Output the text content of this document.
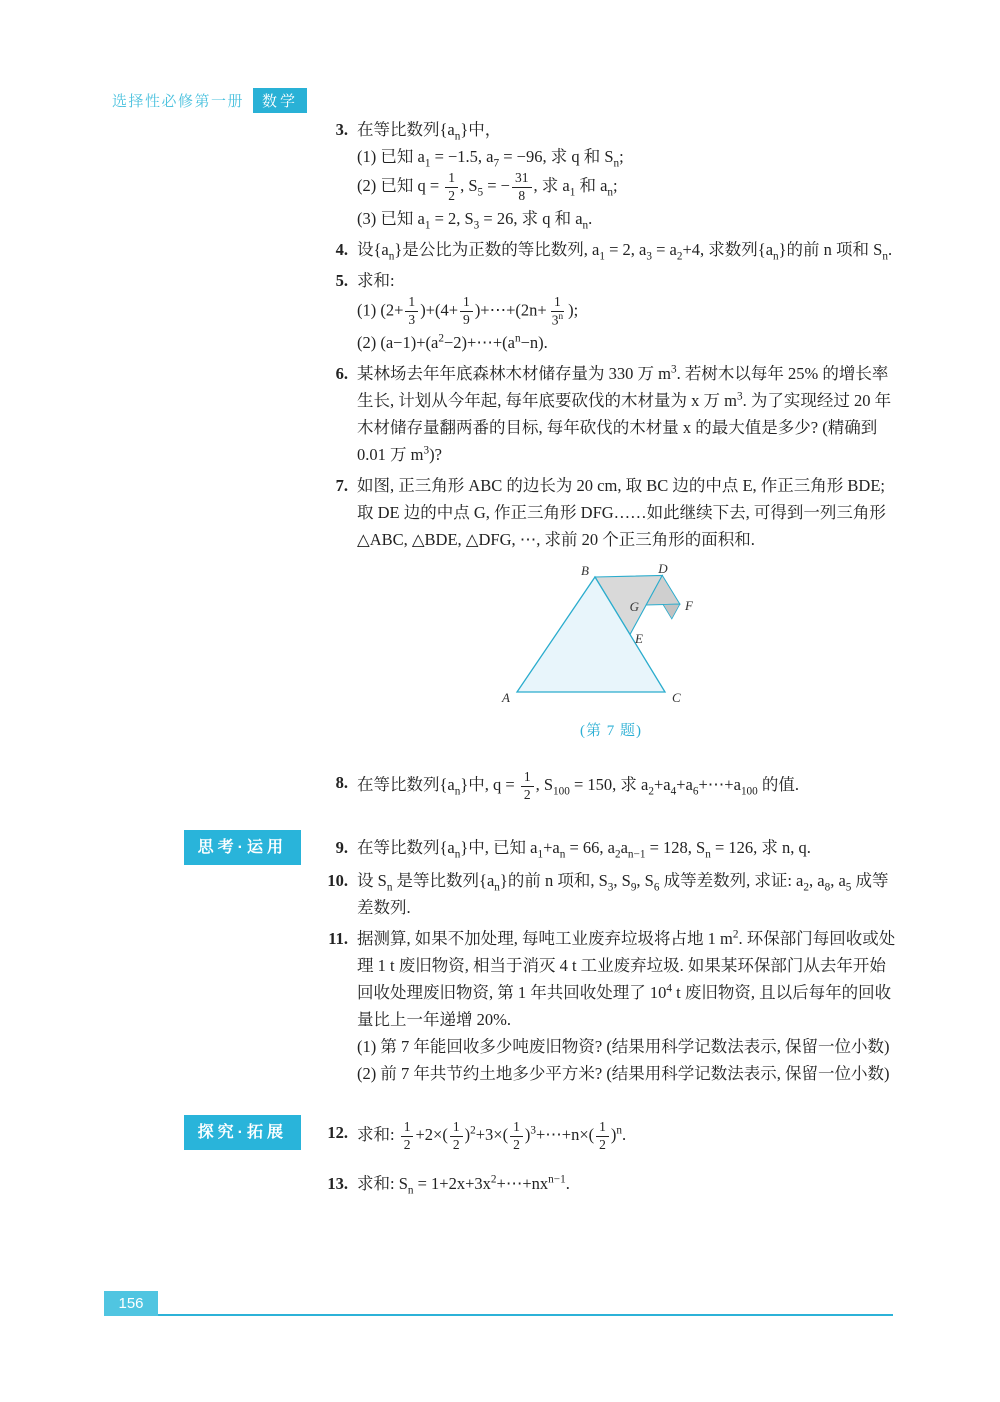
选择性必修第一册	数学
3. 在等比数列$\{a_n\}$中，
(1) 已知 $a_1 = -1.5$, $a_7 = -96$, 求 q 和 $S_n$;
(2) 已知 $q = \frac{1}{2}$ , $S_5$ = − $\frac{31}{8}$ , 求 $a_1$ 和 $a_n$;
(3) 已知 $a_1 = 2$, $S_3 = 26$, 求 q 和 $a_n$.
4. 设$\{a_n\}$是公比为正数的等比数列, $a_1 = 2$, $a_3 = a_2+4$, 求数列$\{a_n\}$的前 n 项和 $S_n$.
5. 求和:
(1) $(2+ \frac{1}{3} )+(4+ \frac{1}{9}$ )+⋯+(2n+ $\frac{1}{3^n}$ );
(2) $(a-1)+(a^2-2)+\cdots+(a^n-n)$.
6. 某林场去年年底森林木材储存量为 330 万 $m^3$. 若树木以每年 25% 的增长率生长, 计划从今年起, 每年底要砍伐的木材量为 x 万 $m^3$. 为了实现经过 20 年木材储存量翻两番的目标, 每年砍伐的木材量 x 的最大值是多少? (精确到 0.01 万 $m^3$)?
7. 如图, 正三角形 ABC 的边长为 20 cm, 取 BC 边的中点 E, 作正三角形 BDE; 取 DE 边的中点 G, 作正三角形 DFG……如此继续下去, 可得到一列三角形△ABC, △BDE, △DFG, ⋯, 求前 20 个正三角形的面积和.
B	D
G	F
E
A	C
(第 7 题)
8. 在等比数列$\{a_n\}$中, $q = \frac{1}{2}$ , $S_{100} = 150$, 求 $a_2+a_4+a_6+\cdots+a_{100}$ 的值.
思考·运用	9. 在等比数列$\{a_n\}$中, 已知 $a_1+a_n = 66$, $a_2a_{n-1} = 128$, $S_n = 126$, 求 n, q.
10. 设 $S_n$ 是等比数列$\{a_n\}$的前 n 项和, $S_3$, $S_9$, $S_6$ 成等差数列, 求证: $a_2$, $a_8$, $a_5$ 成等差数列.
11. 据测算, 如果不加处理, 每吨工业废弃垃圾将占地 1 $m^2$. 环保部门每回收或处理 1 t 废旧物资, 相当于消灭 4 t 工业废弃垃圾. 如果某环保部门从去年开始回收处理废旧物资, 第 1 年共回收处理了 $10^4$ t 废旧物资, 且以后每年的回收量比上一年递增 20%.
(1) 第 7 年能回收多少吨废旧物资? (结果用科学记数法表示, 保留一位小数)
(2) 前 7 年共节约土地多少平方米? (结果用科学记数法表示, 保留一位小数)
探究·拓展	12. 求和: $\frac{1}{2} +2\times( \frac{1}{2} )^2+3\times( \frac{1}{2}$ )$^3+\cdots+n\times( \frac{1}{2} )^n$.
13. 求和: $S_n$ = $1+2x+3x^2+\cdots+nx^{n-1}$.
156
